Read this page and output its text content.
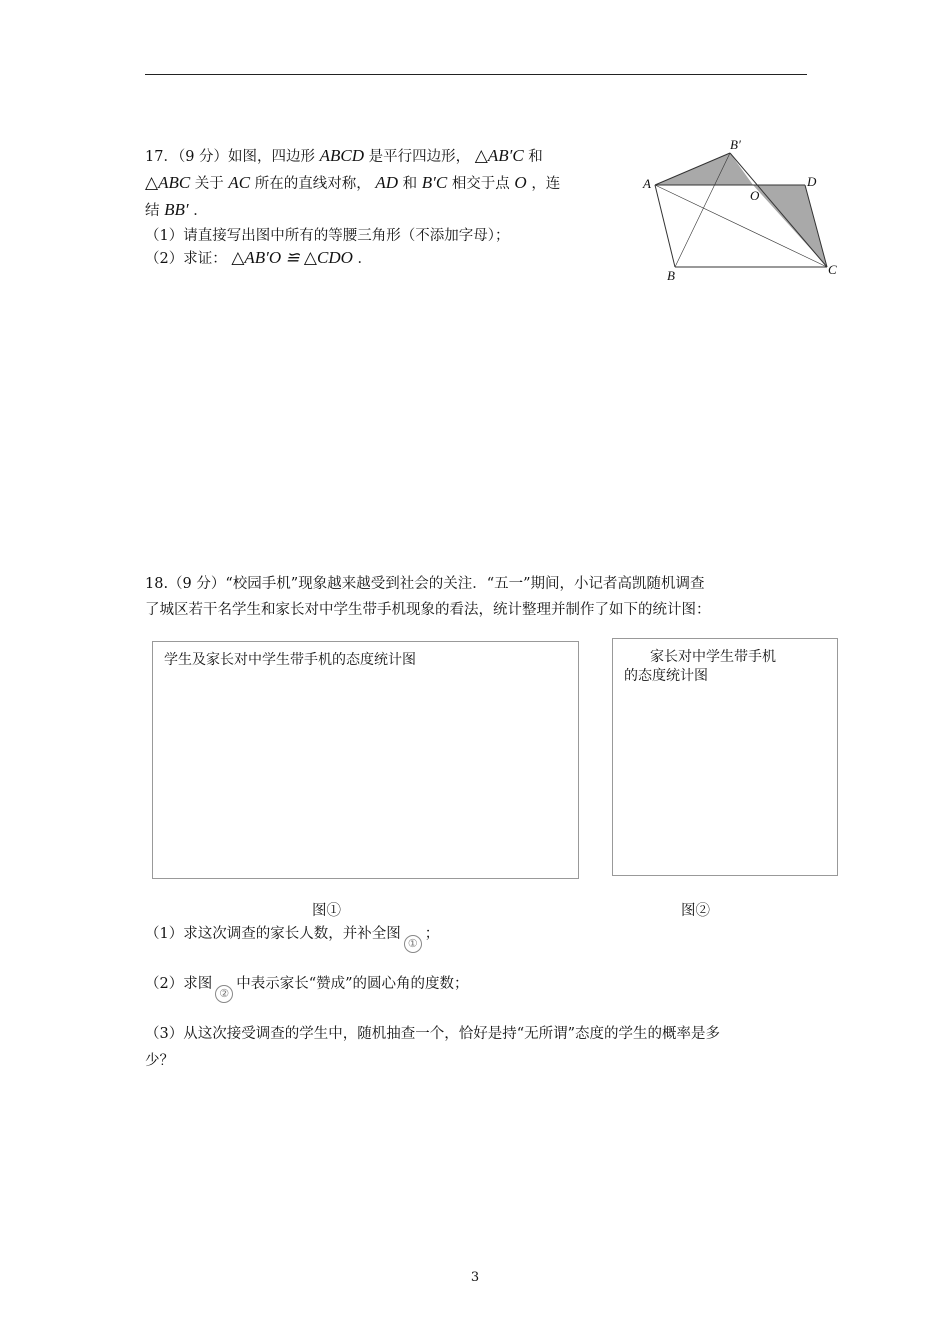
17．（9 分）如图，四边形 ABCD 是平行四边形， △AB′C 和
△ABC 关于 AC 所在的直线对称， AD 和 B′C 相交于点 O ，连
结 BB′ ．
（1）请直接写出图中所有的等腰三角形（不添加字母）；
（2）求证： △AB′O ≌ △CDO ．
A
B′
D
O
B	C
18.（9 分）“校园手机”现象越来越受到社会的关注．“五一”期间，小记者高凯随机调查
了城区若干名学生和家长对中学生带手机现象的看法，统计整理并制作了如下的统计图：
学生及家长对中学生带手机的态度统计图	家长对中学生带手机
的态度统计图
图①	图②
（1）求这次调查的家长人数，并补全图①；
（2）求图②中表示家长“赞成”的圆心角的度数；
（3）从这次接受调查的学生中，随机抽查一个，恰好是持“无所谓”态度的学生的概率是多
少？
3
